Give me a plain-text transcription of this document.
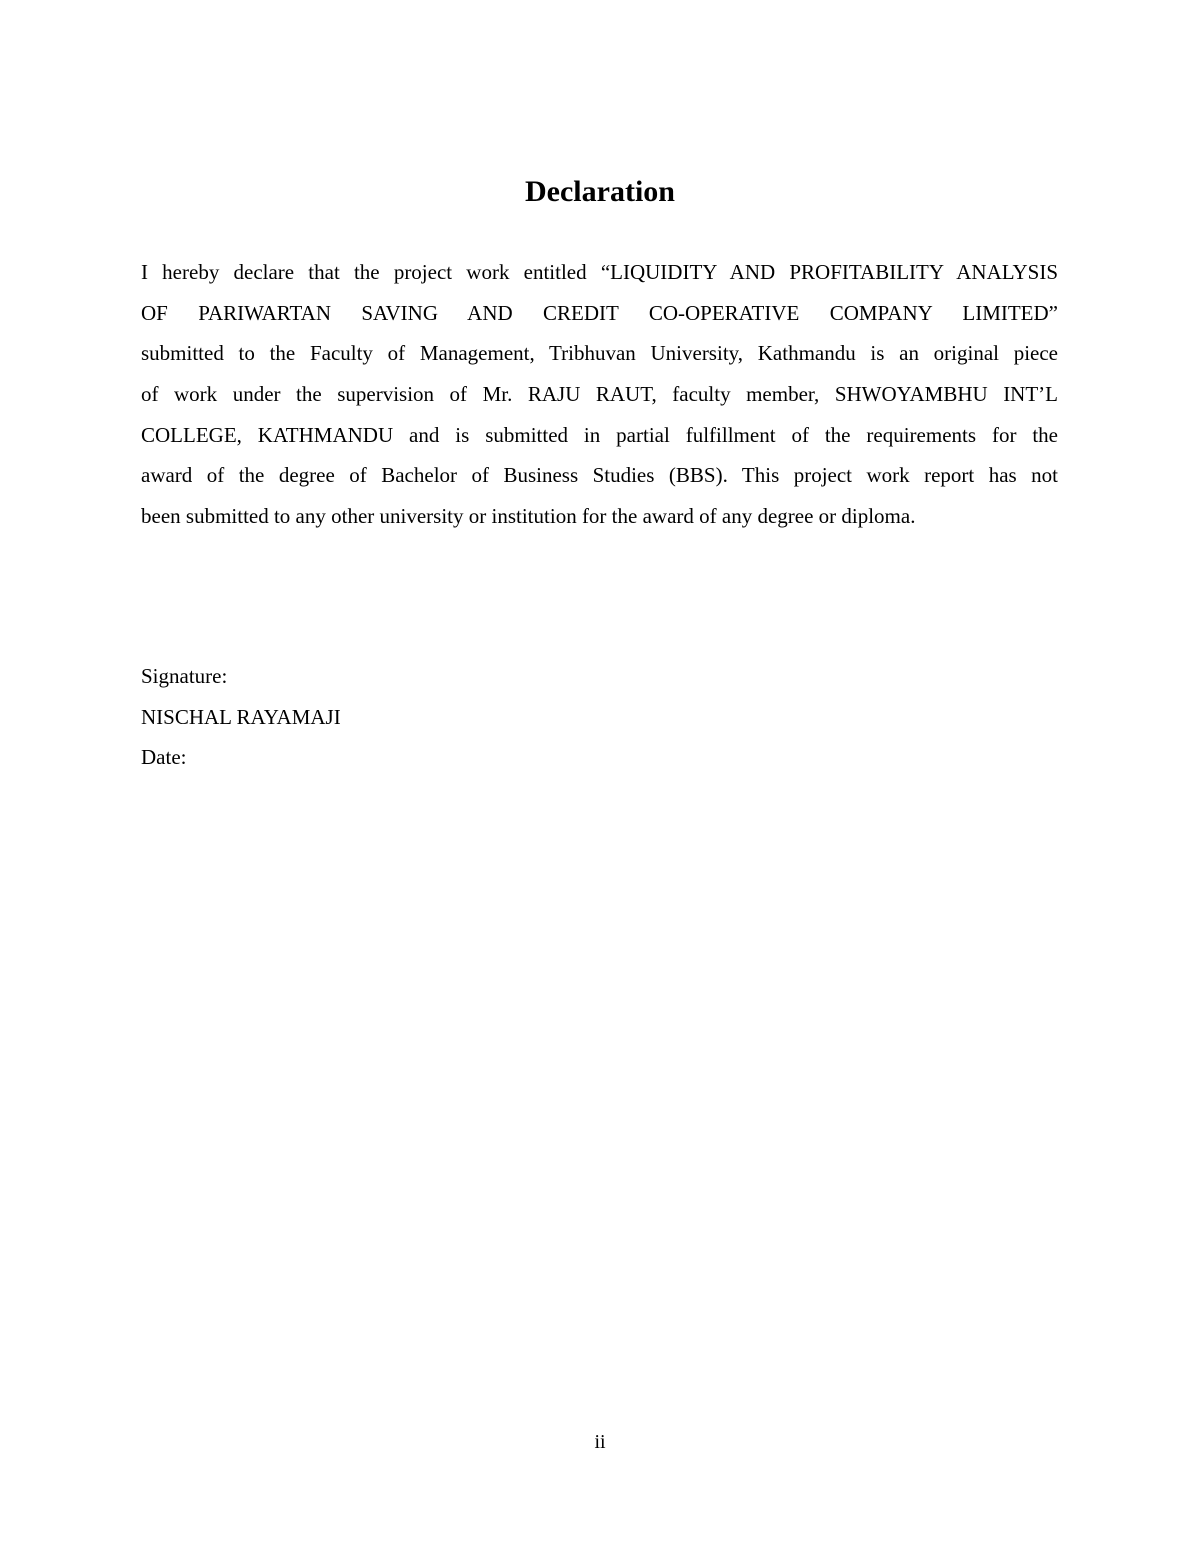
Declaration
I hereby declare that the project work entitled “LIQUIDITY AND PROFITABILITY ANALYSIS
OF PARIWARTAN SAVING AND CREDIT CO-OPERATIVE COMPANY LIMITED”
submitted to the Faculty of Management, Tribhuvan University, Kathmandu is an original piece
of work under the supervision of Mr. RAJU RAUT, faculty member, SHWOYAMBHU INT’L
COLLEGE, KATHMANDU and is submitted in partial fulfillment of the requirements for the
award of the degree of Bachelor of Business Studies (BBS). This project work report has not
been submitted to any other university or institution for the award of any degree or diploma.
Signature:
NISCHAL RAYAMAJI
Date:
ii
